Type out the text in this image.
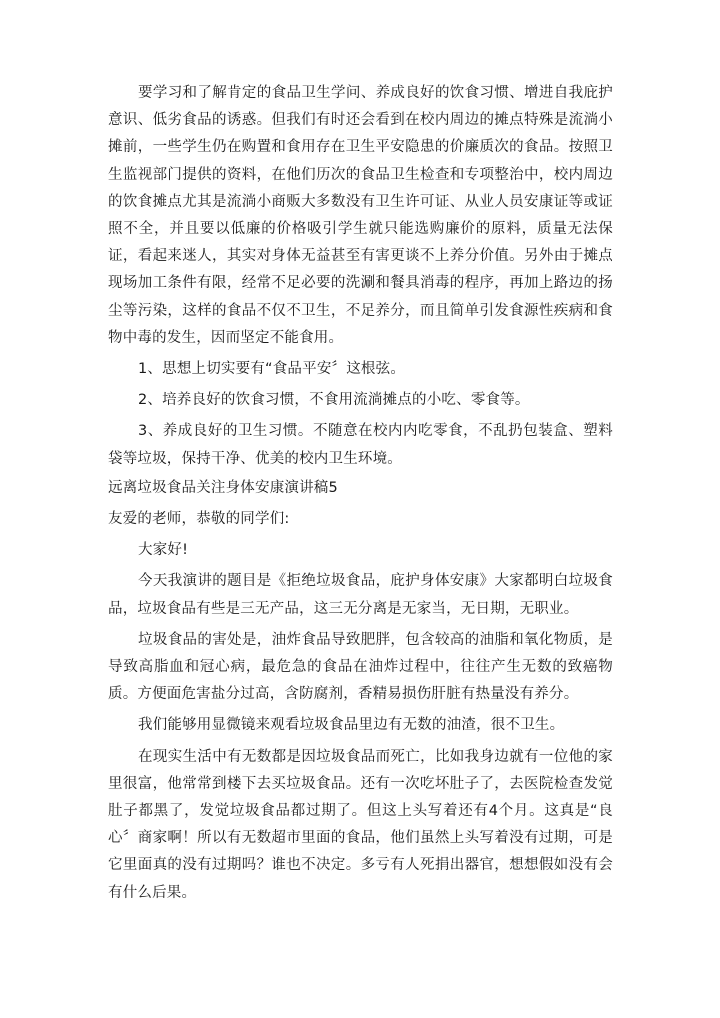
要学习和了解肯定的食品卫生学问、养成良好的饮食习惯、增进自我庇护意识、低劣食品的诱惑。但我们有时还会看到在校内周边的摊点特殊是流淌小摊前，一些学生仍在购置和食用存在卫生平安隐患的价廉质次的食品。按照卫生监视部门提供的资料，在他们历次的食品卫生检查和专项整治中，校内周边的饮食摊点尤其是流淌小商贩大多数没有卫生许可证、从业人员安康证等或证照不全，并且要以低廉的价格吸引学生就只能选购廉价的原料，质量无法保证，看起来迷人，其实对身体无益甚至有害更谈不上养分价值。另外由于摊点现场加工条件有限，经常不足必要的洗涮和餐具消毒的程序，再加上路边的扬尘等污染，这样的食品不仅不卫生，不足养分，而且简单引发食源性疾病和食物中毒的发生，因而坚定不能食用。

1、思想上切实要有“食品平安〞这根弦。

2、培养良好的饮食习惯，不食用流淌摊点的小吃、零食等。

3、养成良好的卫生习惯。不随意在校内内吃零食，不乱扔包装盒、塑料袋等垃圾，保持干净、优美的校内卫生环境。

远离垃圾食品关注身体安康演讲稿5

友爱的老师，恭敬的同学们:

大家好!

今天我演讲的题目是《拒绝垃圾食品，庇护身体安康》大家都明白垃圾食品，垃圾食品有些是三无产品，这三无分离是无家当，无日期，无职业。

垃圾食品的害处是，油炸食品导致肥胖，包含较高的油脂和氧化物质，是导致高脂血和冠心病，最危急的食品在油炸过程中，往往产生无数的致癌物质。方便面危害盐分过高，含防腐剂，香精易损伤肝脏有热量没有养分。

我们能够用显微镜来观看垃圾食品里边有无数的油渣，很不卫生。

在现实生活中有无数都是因垃圾食品而死亡，比如我身边就有一位他的家里很富，他常常到楼下去买垃圾食品。还有一次吃坏肚子了，去医院检查发觉肚子都黑了，发觉垃圾食品都过期了。但这上头写着还有4个月。这真是“良心〞商家啊！所以有无数超市里面的食品，他们虽然上头写着没有过期，可是它里面真的没有过期吗？谁也不决定。多亏有人死捐出器官，想想假如没有会有什么后果。
